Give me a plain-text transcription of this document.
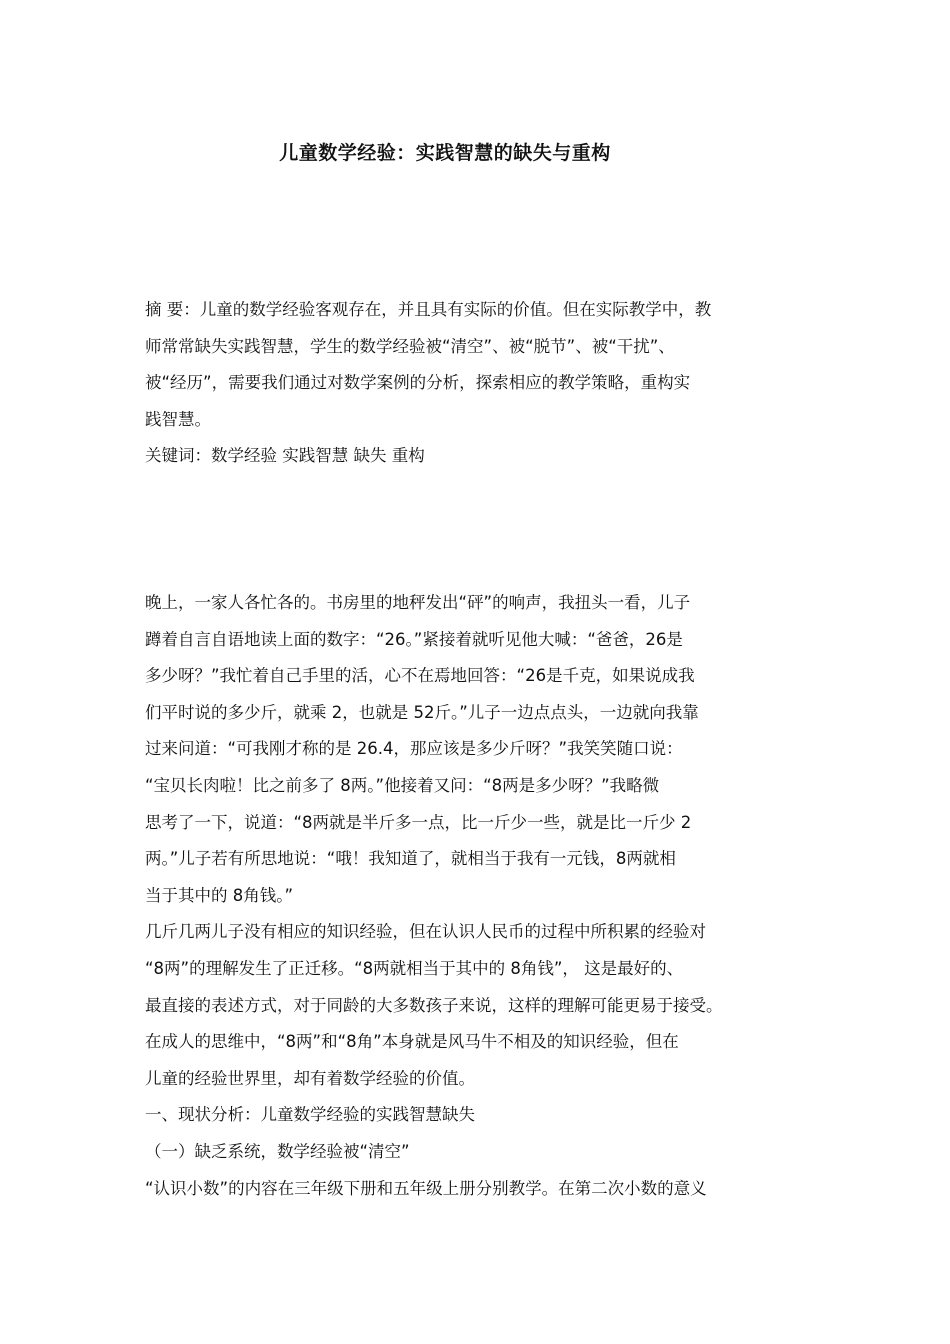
儿童数学经验：实践智慧的缺失与重构
摘 要：儿童的数学经验客观存在，并且具有实际的价值。但在实际教学中，教
师常常缺失实践智慧，学生的数学经验被“清空”、被“脱节”、被“干扰”、
被“经历”，需要我们通过对数学案例的分析，探索相应的教学策略，重构实
践智慧。
关键词：数学经验 实践智慧 缺失 重构
晚上，一家人各忙各的。书房里的地秤发出“砰”的响声，我扭头一看，儿子
蹲着自言自语地读上面的数字：“26。”紧接着就听见他大喊：“爸爸，26是
多少呀？”我忙着自己手里的活，心不在焉地回答：“26是千克，如果说成我
们平时说的多少斤，就乘 2，也就是 52斤。”儿子一边点点头，一边就向我靠
过来问道：“可我刚才称的是 26.4，那应该是多少斤呀？”我笑笑随口说：
“宝贝长肉啦！比之前多了 8两。”他接着又问：“8两是多少呀？”我略微
思考了一下，说道：“8两就是半斤多一点，比一斤少一些，就是比一斤少 2
两。”儿子若有所思地说：“哦！我知道了，就相当于我有一元钱，8两就相
当于其中的 8角钱。”
几斤几两儿子没有相应的知识经验，但在认识人民币的过程中所积累的经验对
“8两”的理解发生了正迁移。“8两就相当于其中的 8角钱”， 这是最好的、
最直接的表述方式，对于同龄的大多数孩子来说，这样的理解可能更易于接受。
在成人的思维中，“8两”和“8角”本身就是风马牛不相及的知识经验，但在
儿童的经验世界里，却有着数学经验的价值。
一、现状分析：儿童数学经验的实践智慧缺失
（一）缺乏系统，数学经验被“清空”
“认识小数”的内容在三年级下册和五年级上册分别教学。在第二次小数的意义
